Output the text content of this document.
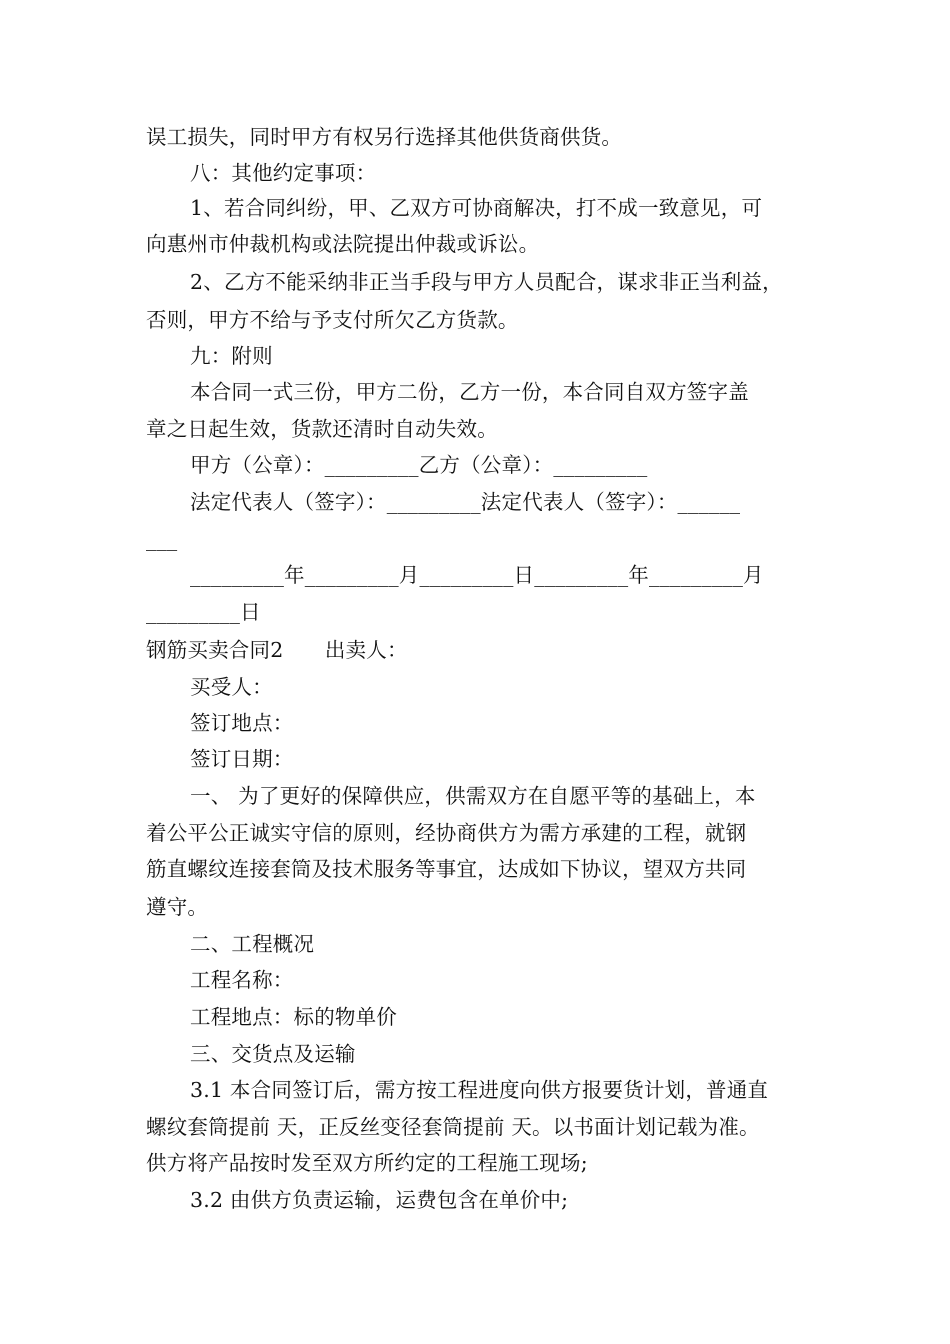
误工损失，同时甲方有权另行选择其他供货商供货。
八：其他约定事项：
1、若合同纠纷，甲、乙双方可协商解决，打不成一致意见，可
向惠州市仲裁机构或法院提出仲裁或诉讼。
2、乙方不能采纳非正当手段与甲方人员配合，谋求非正当利益，
否则，甲方不给与予支付所欠乙方货款。
九：附则
本合同一式三份，甲方二份，乙方一份，本合同自双方签字盖
章之日起生效，货款还清时自动失效。
甲方（公章）：_________乙方（公章）：_________
法定代表人（签字）：_________法定代表人（签字）：______
___
_________年_________月_________日_________年_________月
_________日
钢筋买卖合同2　　出卖人：
买受人：
签订地点：
签订日期：
一、 为了更好的保障供应，供需双方在自愿平等的基础上，本
着公平公正诚实守信的原则，经协商供方为需方承建的工程，就钢
筋直螺纹连接套筒及技术服务等事宜，达成如下协议，望双方共同
遵守。
二、工程概况
工程名称：
工程地点：标的物单价
三、交货点及运输
3.1 本合同签订后，需方按工程进度向供方报要货计划，普通直
螺纹套筒提前 天，正反丝变径套筒提前 天。以书面计划记载为准。
供方将产品按时发至双方所约定的工程施工现场;
3.2 由供方负责运输，运费包含在单价中;
